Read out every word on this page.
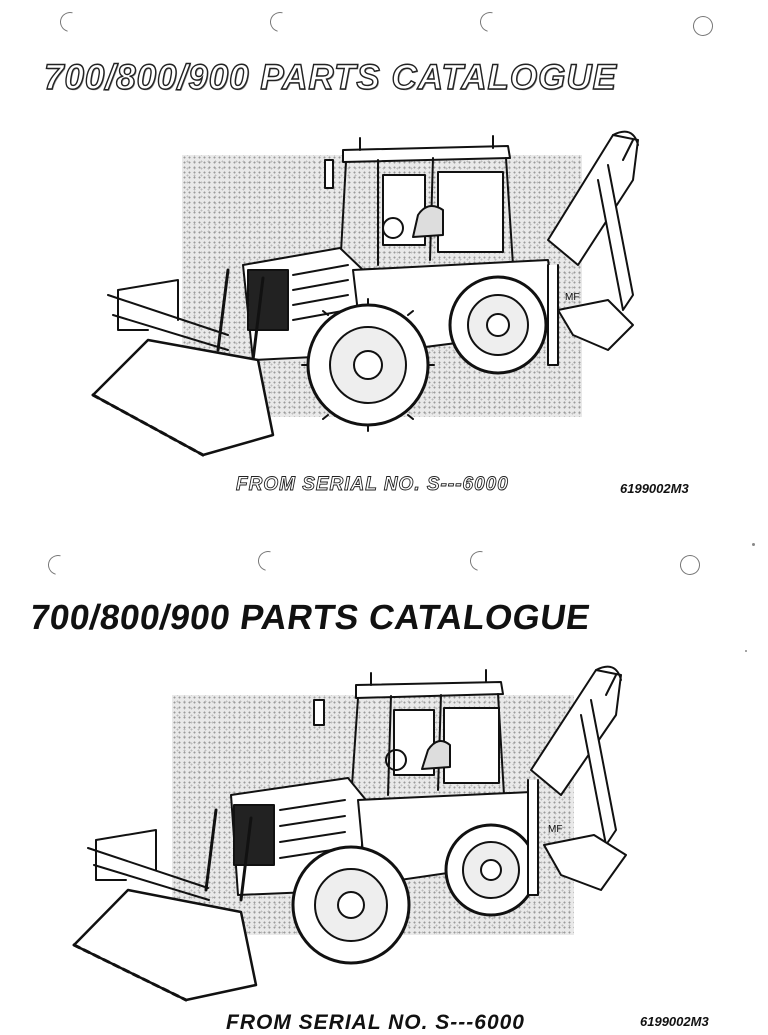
700/800/900 PARTS CATALOGUE
MF
FROM SERIAL NO. S---6000	6199002M3
700/800/900 PARTS CATALOGUE
MF
FROM SERIAL NO. S---6000	6199002M3
